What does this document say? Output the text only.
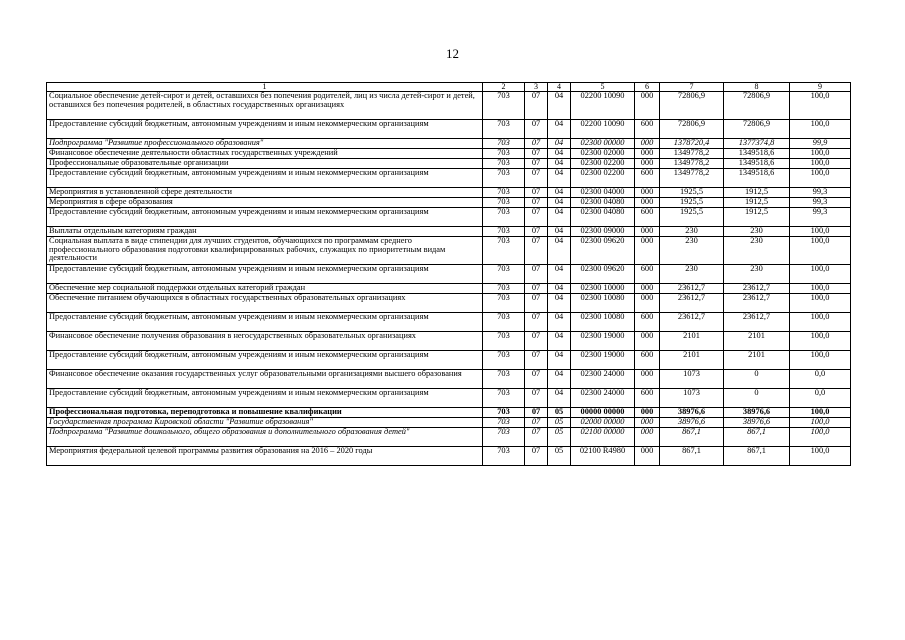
12
1	2	3	4	5	6	7	8	9
Социальное обеспечение детей-сирот и детей, оставшихся без попечения родителей, лиц из числа детей-сирот и детей, оставшихся без попечения родителей, в областных государственных организациях	703	07	04	02200 10090	000	72806,9	72806,9	100,0
Предоставление субсидий бюджетным, автономным учреждениям и иным некоммерческим организациям	703	07	04	02200 10090	600	72806,9	72806,9	100,0
Подпрограмма "Развитие профессионального образования"	703	07	04	02300 00000	000	1378720,4	1377374,8	99,9
Финансовое обеспечение деятельности областных государственных учреждений	703	07	04	02300 02000	000	1349778,2	1349518,6	100,0
Профессиональные образовательные организации	703	07	04	02300 02200	000	1349778,2	1349518,6	100,0
Предоставление субсидий бюджетным, автономным учреждениям и иным некоммерческим организациям	703	07	04	02300 02200	600	1349778,2	1349518,6	100,0
Мероприятия в установленной сфере деятельности	703	07	04	02300 04000	000	1925,5	1912,5	99,3
Мероприятия в сфере образования	703	07	04	02300 04080	000	1925,5	1912,5	99,3
Предоставление субсидий бюджетным, автономным учреждениям и иным некоммерческим организациям	703	07	04	02300 04080	600	1925,5	1912,5	99,3
Выплаты отдельным категориям граждан	703	07	04	02300 09000	000	230	230	100,0
Социальная выплата в виде стипендии для лучших студентов, обучающихся по программам среднего профессионального образования подготовки квалифицированных рабочих, служащих по приоритетным видам деятельности	703	07	04	02300 09620	000	230	230	100,0
Предоставление субсидий бюджетным, автономным учреждениям и иным некоммерческим организациям	703	07	04	02300 09620	600	230	230	100,0
Обеспечение мер социальной поддержки отдельных категорий граждан	703	07	04	02300 10000	000	23612,7	23612,7	100,0
Обеспечение питанием обучающихся в областных государственных образовательных организациях	703	07	04	02300 10080	000	23612,7	23612,7	100,0
Предоставление субсидий бюджетным, автономным учреждениям и иным некоммерческим организациям	703	07	04	02300 10080	600	23612,7	23612,7	100,0
Финансовое обеспечение получения образования в негосударственных образовательных организациях	703	07	04	02300 19000	000	2101	2101	100,0
Предоставление субсидий бюджетным, автономным учреждениям и иным некоммерческим организациям	703	07	04	02300 19000	600	2101	2101	100,0
Финансовое обеспечение оказания государственных услуг образовательными организациями высшего образования	703	07	04	02300 24000	000	1073	0	0,0
Предоставление субсидий бюджетным, автономным учреждениям и иным некоммерческим организациям	703	07	04	02300 24000	600	1073	0	0,0
Профессиональная подготовка, переподготовка и повышение квалификации	703	07	05	00000 00000	000	38976,6	38976,6	100,0
Государственная программа Кировской области "Развитие образования"	703	07	05	02000 00000	000	38976,6	38976,6	100,0
Подпрограмма "Развитие дошкольного, общего образования и дополнительного образования детей"	703	07	05	02100 00000	000	867,1	867,1	100,0
Мероприятия федеральной целевой программы развития образования на 2016 – 2020 годы	703	07	05	02100 R4980	000	867,1	867,1	100,0
